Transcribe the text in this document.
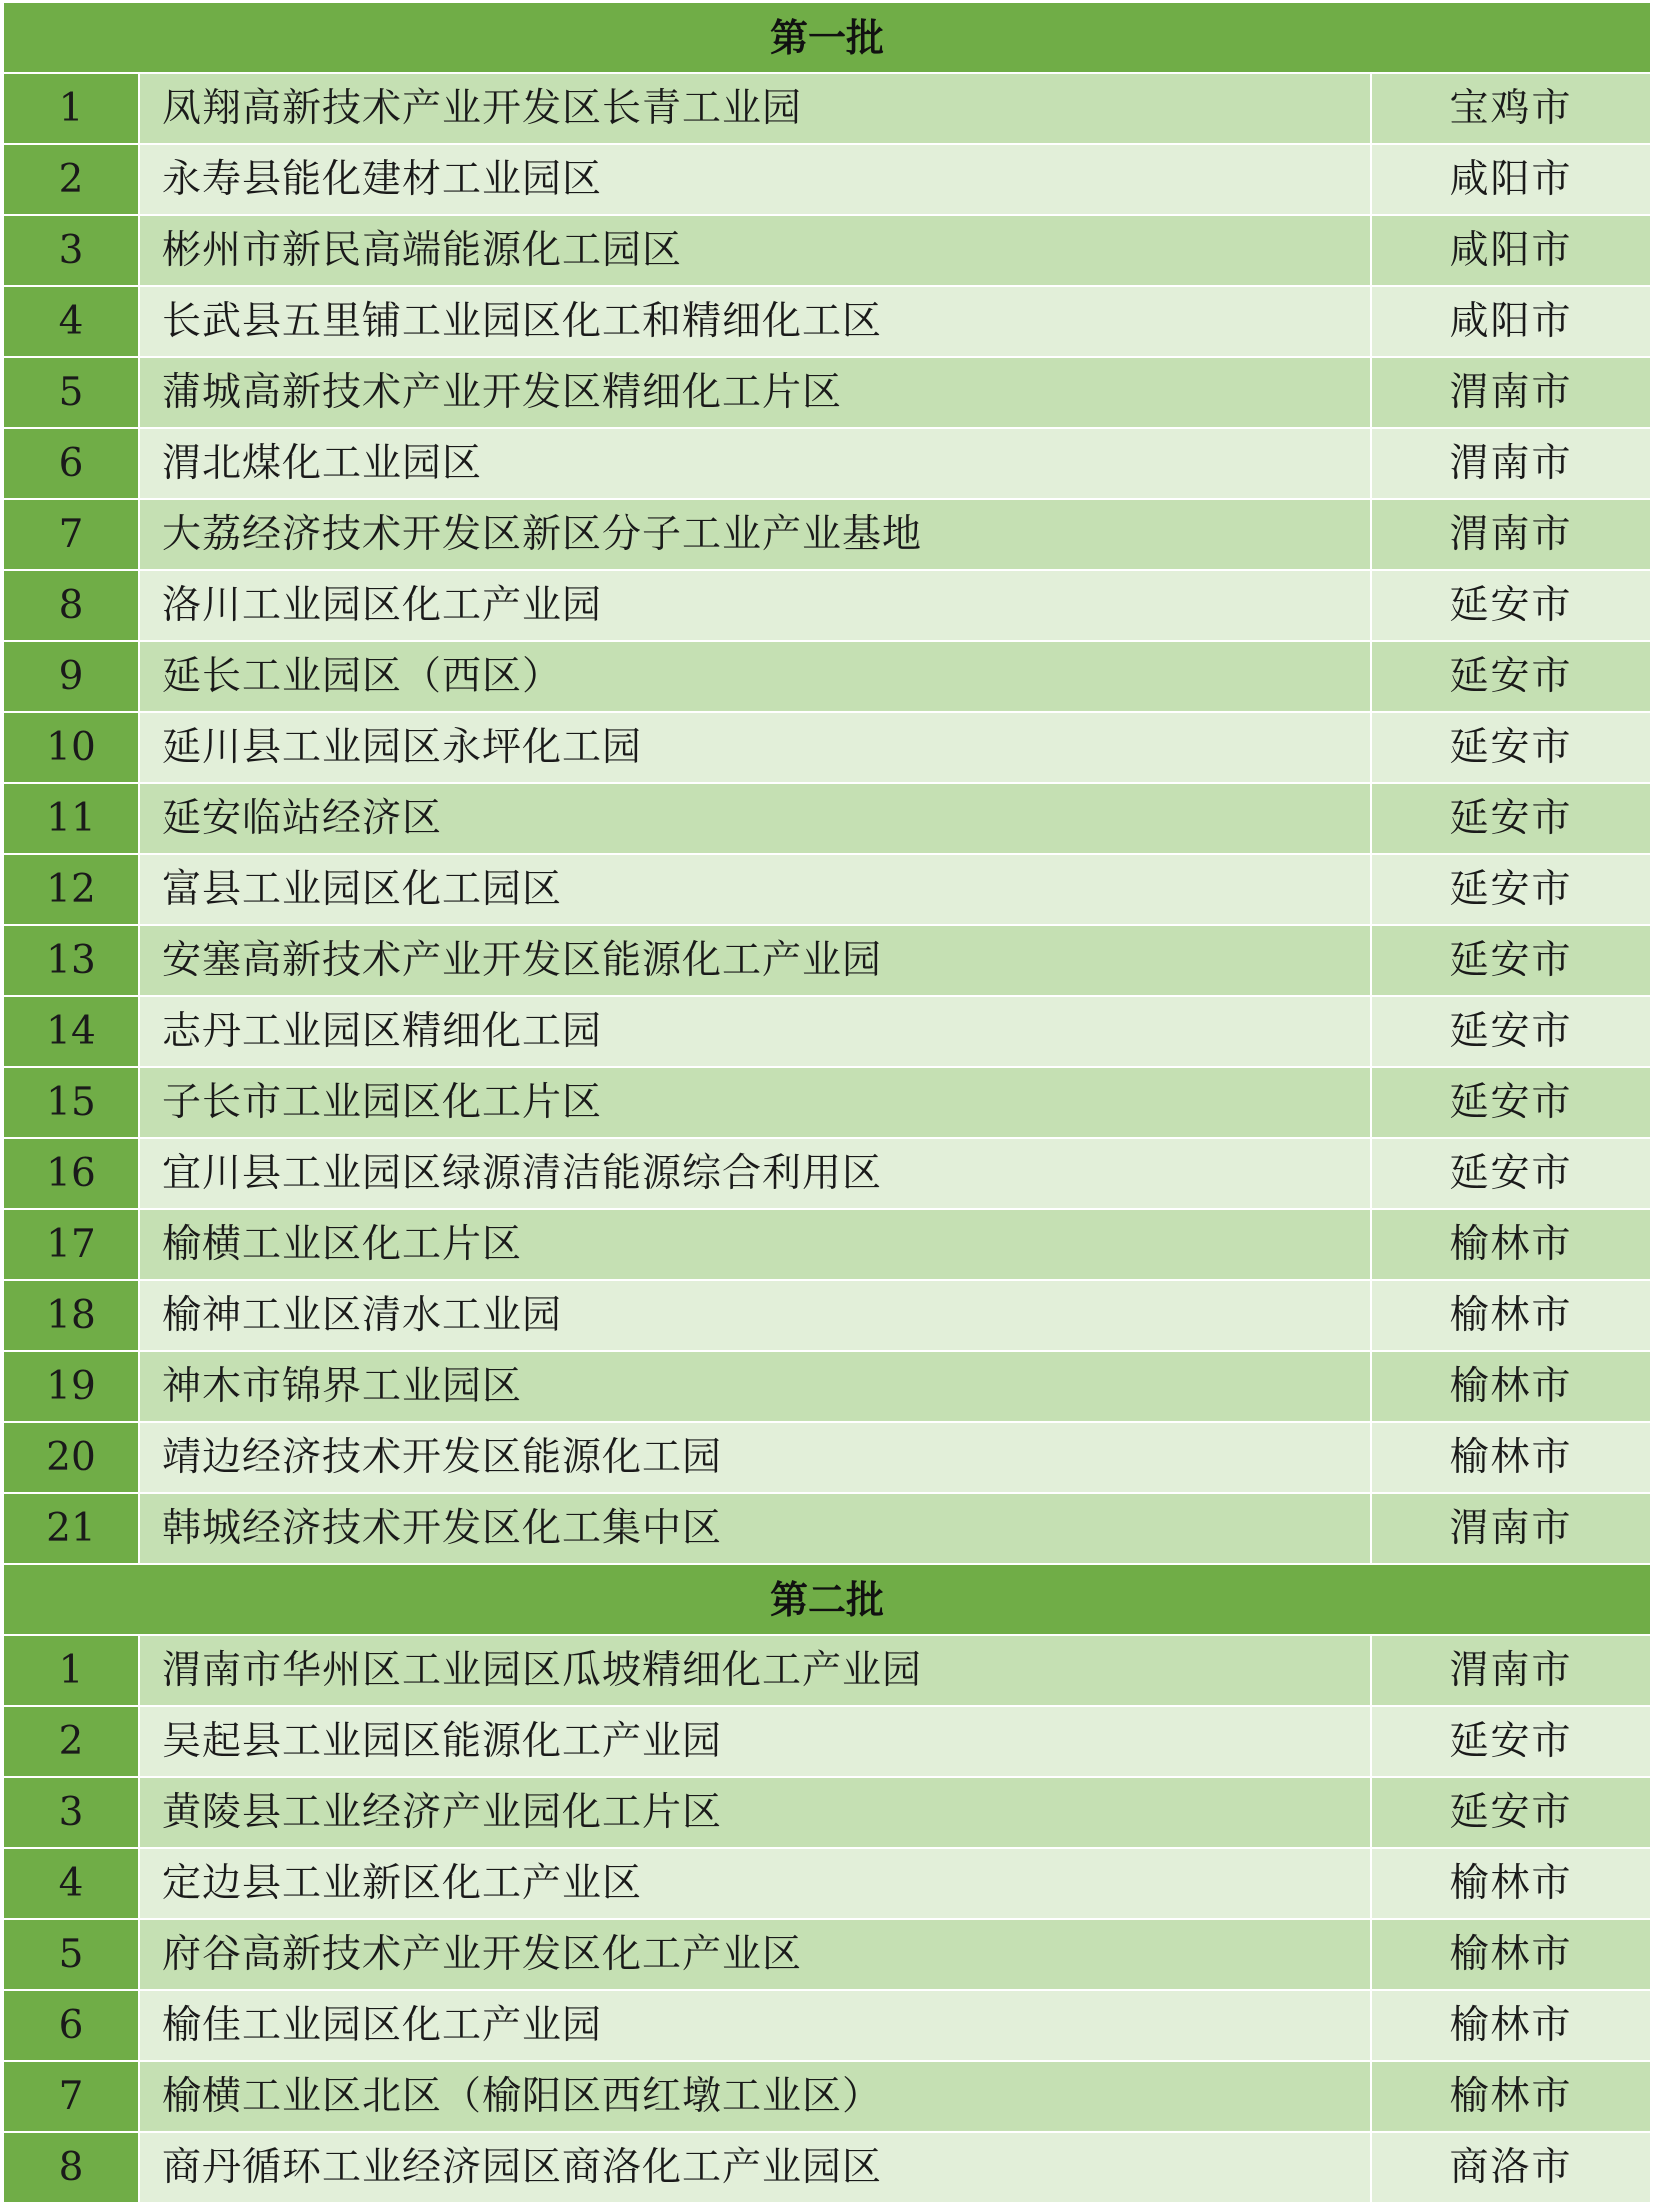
第一批		
1	凤翔高新技术产业开发区长青工业园	宝鸡市
2	永寿县能化建材工业园区	咸阳市
3	彬州市新民高端能源化工园区	咸阳市
4	长武县五里铺工业园区化工和精细化工区	咸阳市
5	蒲城高新技术产业开发区精细化工片区	渭南市
6	渭北煤化工业园区	渭南市
7	大荔经济技术开发区新区分子工业产业基地	渭南市
8	洛川工业园区化工产业园	延安市
9	延长工业园区（西区）	延安市
10	延川县工业园区永坪化工园	延安市
11	延安临站经济区	延安市
12	富县工业园区化工园区	延安市
13	安塞高新技术产业开发区能源化工产业园	延安市
14	志丹工业园区精细化工园	延安市
15	子长市工业园区化工片区	延安市
16	宜川县工业园区绿源清洁能源综合利用区	延安市
17	榆横工业区化工片区	榆林市
18	榆神工业区清水工业园	榆林市
19	神木市锦界工业园区	榆林市
20	靖边经济技术开发区能源化工园	榆林市
21	韩城经济技术开发区化工集中区	渭南市
第二批		
1	渭南市华州区工业园区瓜坡精细化工产业园	渭南市
2	吴起县工业园区能源化工产业园	延安市
3	黄陵县工业经济产业园化工片区	延安市
4	定边县工业新区化工产业区	榆林市
5	府谷高新技术产业开发区化工产业区	榆林市
6	榆佳工业园区化工产业园	榆林市
7	榆横工业区北区（榆阳区西红墩工业区）	榆林市
8	商丹循环工业经济园区商洛化工产业园区	商洛市
